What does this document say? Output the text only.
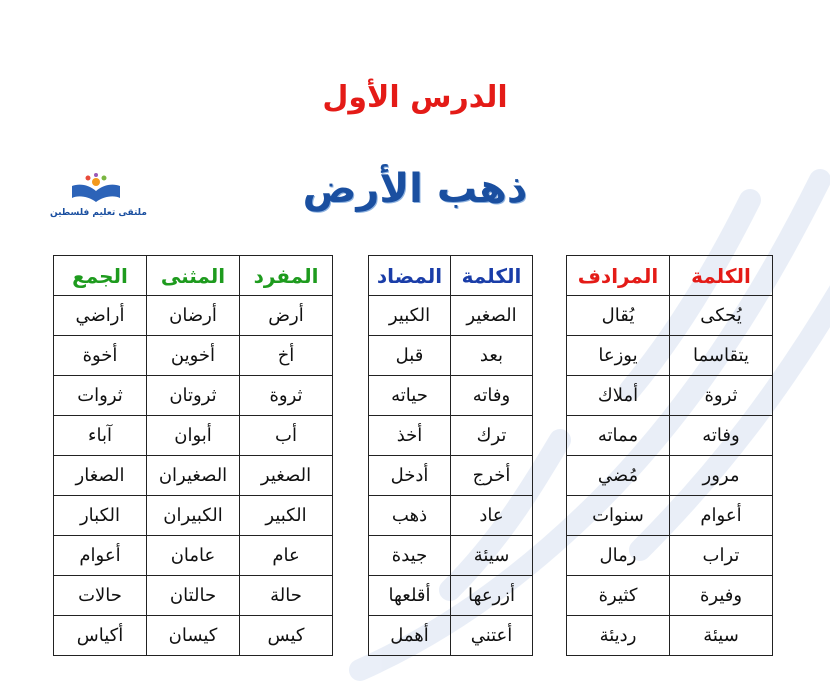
الدرس الأول
ذهب الأرض
ملتقى تعليم فلسطين
المفرد	المثنى	الجمع
أرض	أرضان	أراضي
أخ	أخوين	أخوة
ثروة	ثروتان	ثروات
أب	أبوان	آباء
الصغير	الصغيران	الصغار
الكبير	الكبيران	الكبار
عام	عامان	أعوام
حالة	حالتان	حالات
كيس	كيسان	أكياس
الكلمة	المضاد
الصغير	الكبير
بعد	قبل
وفاته	حياته
ترك	أخذ
أخرج	أدخل
عاد	ذهب
سيئة	جيدة
أزرعها	أقلعها
أعتني	أهمل
الكلمة	المرادف
يُحكى	يُقال
يتقاسما	يوزعا
ثروة	أملاك
وفاته	مماته
مرور	مُضي
أعوام	سنوات
تراب	رمال
وفيرة	كثيرة
سيئة	رديئة
